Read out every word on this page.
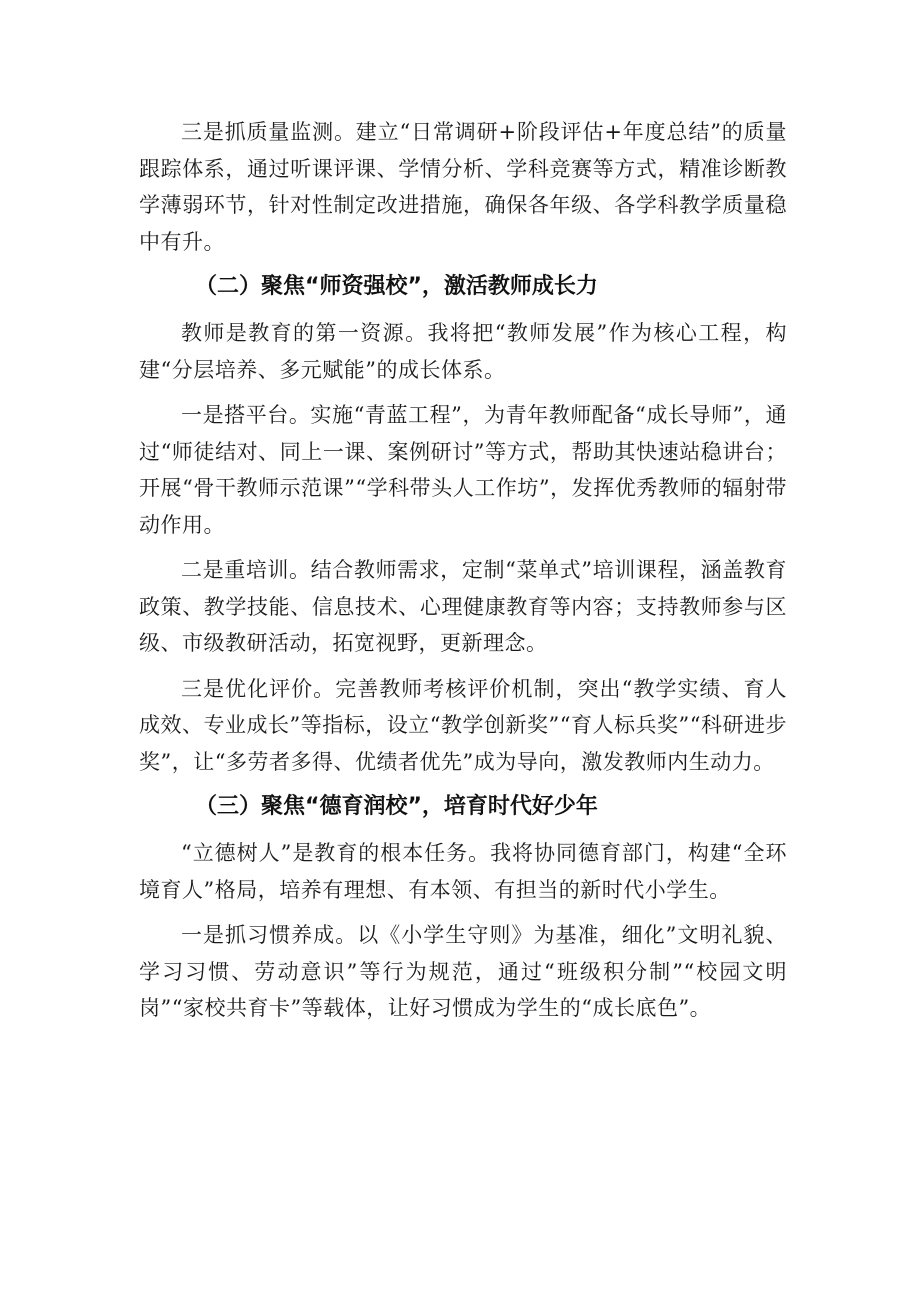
三是抓质量监测。建立“日常调研+阶段评估+年度总结”的质量跟踪体系，通过听课评课、学情分析、学科竞赛等方式，精准诊断教学薄弱环节，针对性制定改进措施，确保各年级、各学科教学质量稳中有升。

（二）聚焦“师资强校”，激活教师成长力

教师是教育的第一资源。我将把“教师发展”作为核心工程，构建“分层培养、多元赋能”的成长体系。

一是搭平台。实施“青蓝工程”，为青年教师配备“成长导师”，通过“师徒结对、同上一课、案例研讨”等方式，帮助其快速站稳讲台；开展“骨干教师示范课”“学科带头人工作坊”，发挥优秀教师的辐射带动作用。

二是重培训。结合教师需求，定制“菜单式”培训课程，涵盖教育政策、教学技能、信息技术、心理健康教育等内容；支持教师参与区级、市级教研活动，拓宽视野，更新理念。

三是优化评价。完善教师考核评价机制，突出“教学实绩、育人成效、专业成长”等指标，设立“教学创新奖”“育人标兵奖”“科研进步奖”，让“多劳者多得、优绩者优先”成为导向，激发教师内生动力。

（三）聚焦“德育润校”，培育时代好少年

“立德树人”是教育的根本任务。我将协同德育部门，构建“全环境育人”格局，培养有理想、有本领、有担当的新时代小学生。

一是抓习惯养成。以《小学生守则》为基准，细化”文明礼貌、学习习惯、劳动意识”等行为规范，通过“班级积分制”“校园文明岗”“家校共育卡”等载体，让好习惯成为学生的“成长底色”。
